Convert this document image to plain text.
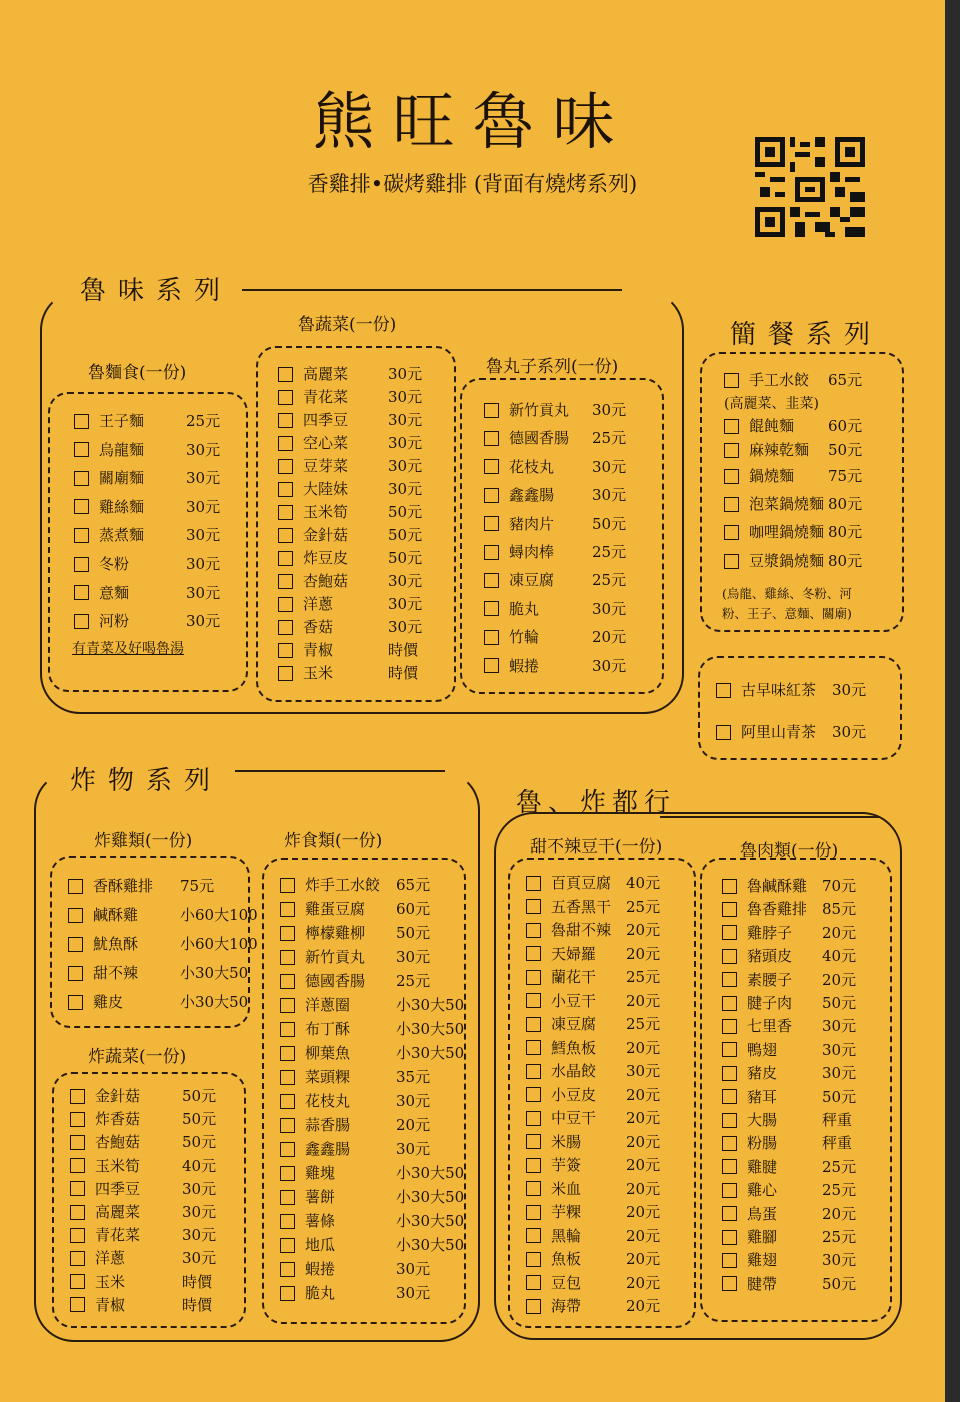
熊旺魯味
香雞排•碳烤雞排 (背面有燒烤系列)
魯味系列
魯麵食(一份)
王子麵	25元
烏龍麵	30元
關廟麵	30元
雞絲麵	30元
蒸煮麵	30元
冬粉	30元
意麵	30元
河粉	30元
有青菜及好喝魯湯
魯蔬菜(一份)
高麗菜	30元
青花菜	30元
四季豆	30元
空心菜	30元
豆芽菜	30元
大陸妹	30元
玉米筍	50元
金針菇	50元
炸豆皮	50元
杏鮑菇	30元
洋蔥	30元
香菇	30元
青椒	時價
玉米	時價
魯丸子系列(一份)
新竹貢丸 30元
德國香腸 25元
花枝丸	30元
鑫鑫腸	30元
豬肉片	50元
蟳肉棒	25元
凍豆腐	25元
脆丸	30元
竹輪	20元
蝦捲	30元
簡餐系列
手工水餃 65元
餛飩麵 60元
麻辣乾麵 50元
鍋燒麵 75元
泡菜鍋燒麵 80元
咖哩鍋燒麵 80元
豆漿鍋燒麵 80元
(高麗菜、韭菜)
(烏龍、雞絲、冬粉、河
粉、王子、意麵、關廟)
古早味紅茶 30元
阿里山青茶 30元
炸物系列
炸雞類(一份)
香酥雞排 75元
鹹酥雞	小60大100
魷魚酥	小60大100
甜不辣	小30大50
雞皮	小30大50
炸蔬菜(一份)
金針菇	50元
炸香菇	50元
杏鮑菇	50元
玉米筍	40元
四季豆	30元
高麗菜	30元
青花菜	30元
洋蔥	30元
玉米	時價
青椒	時價
炸食類(一份)
炸手工水餃 65元
雞蛋豆腐 60元
檸檬雞柳 50元
新竹貢丸 30元
德國香腸 25元
洋蔥圈	小30大50
布丁酥	小30大50
柳葉魚	小30大50
菜頭粿	35元
花枝丸	30元
蒜香腸	20元
鑫鑫腸	30元
雞塊	小30大50
薯餅	小30大50
薯條	小30大50
地瓜	小30大50
蝦捲	30元
脆丸	30元
魯、炸都行
甜不辣豆干(一份)
百頁豆腐 40元
五香黑干 25元
魯甜不辣 20元
天婦羅 20元
蘭花干 25元
小豆干 20元
凍豆腐 25元
鱈魚板 20元
水晶餃 30元
小豆皮 20元
中豆干 20元
米腸	20元
芋簽	20元
米血	20元
芋粿	20元
黑輪	20元
魚板	20元
豆包	20元
海帶	20元
魯肉類(一份)
魯鹹酥雞 70元
魯香雞排 85元
雞脖子 20元
豬頭皮 40元
素腰子 20元
腱子肉 50元
七里香 30元
鴨翅	30元
豬皮	30元
豬耳	50元
大腸	秤重
粉腸	秤重
雞腱	25元
雞心	25元
鳥蛋	20元
雞腳	25元
雞翅	30元
腱帶	50元
